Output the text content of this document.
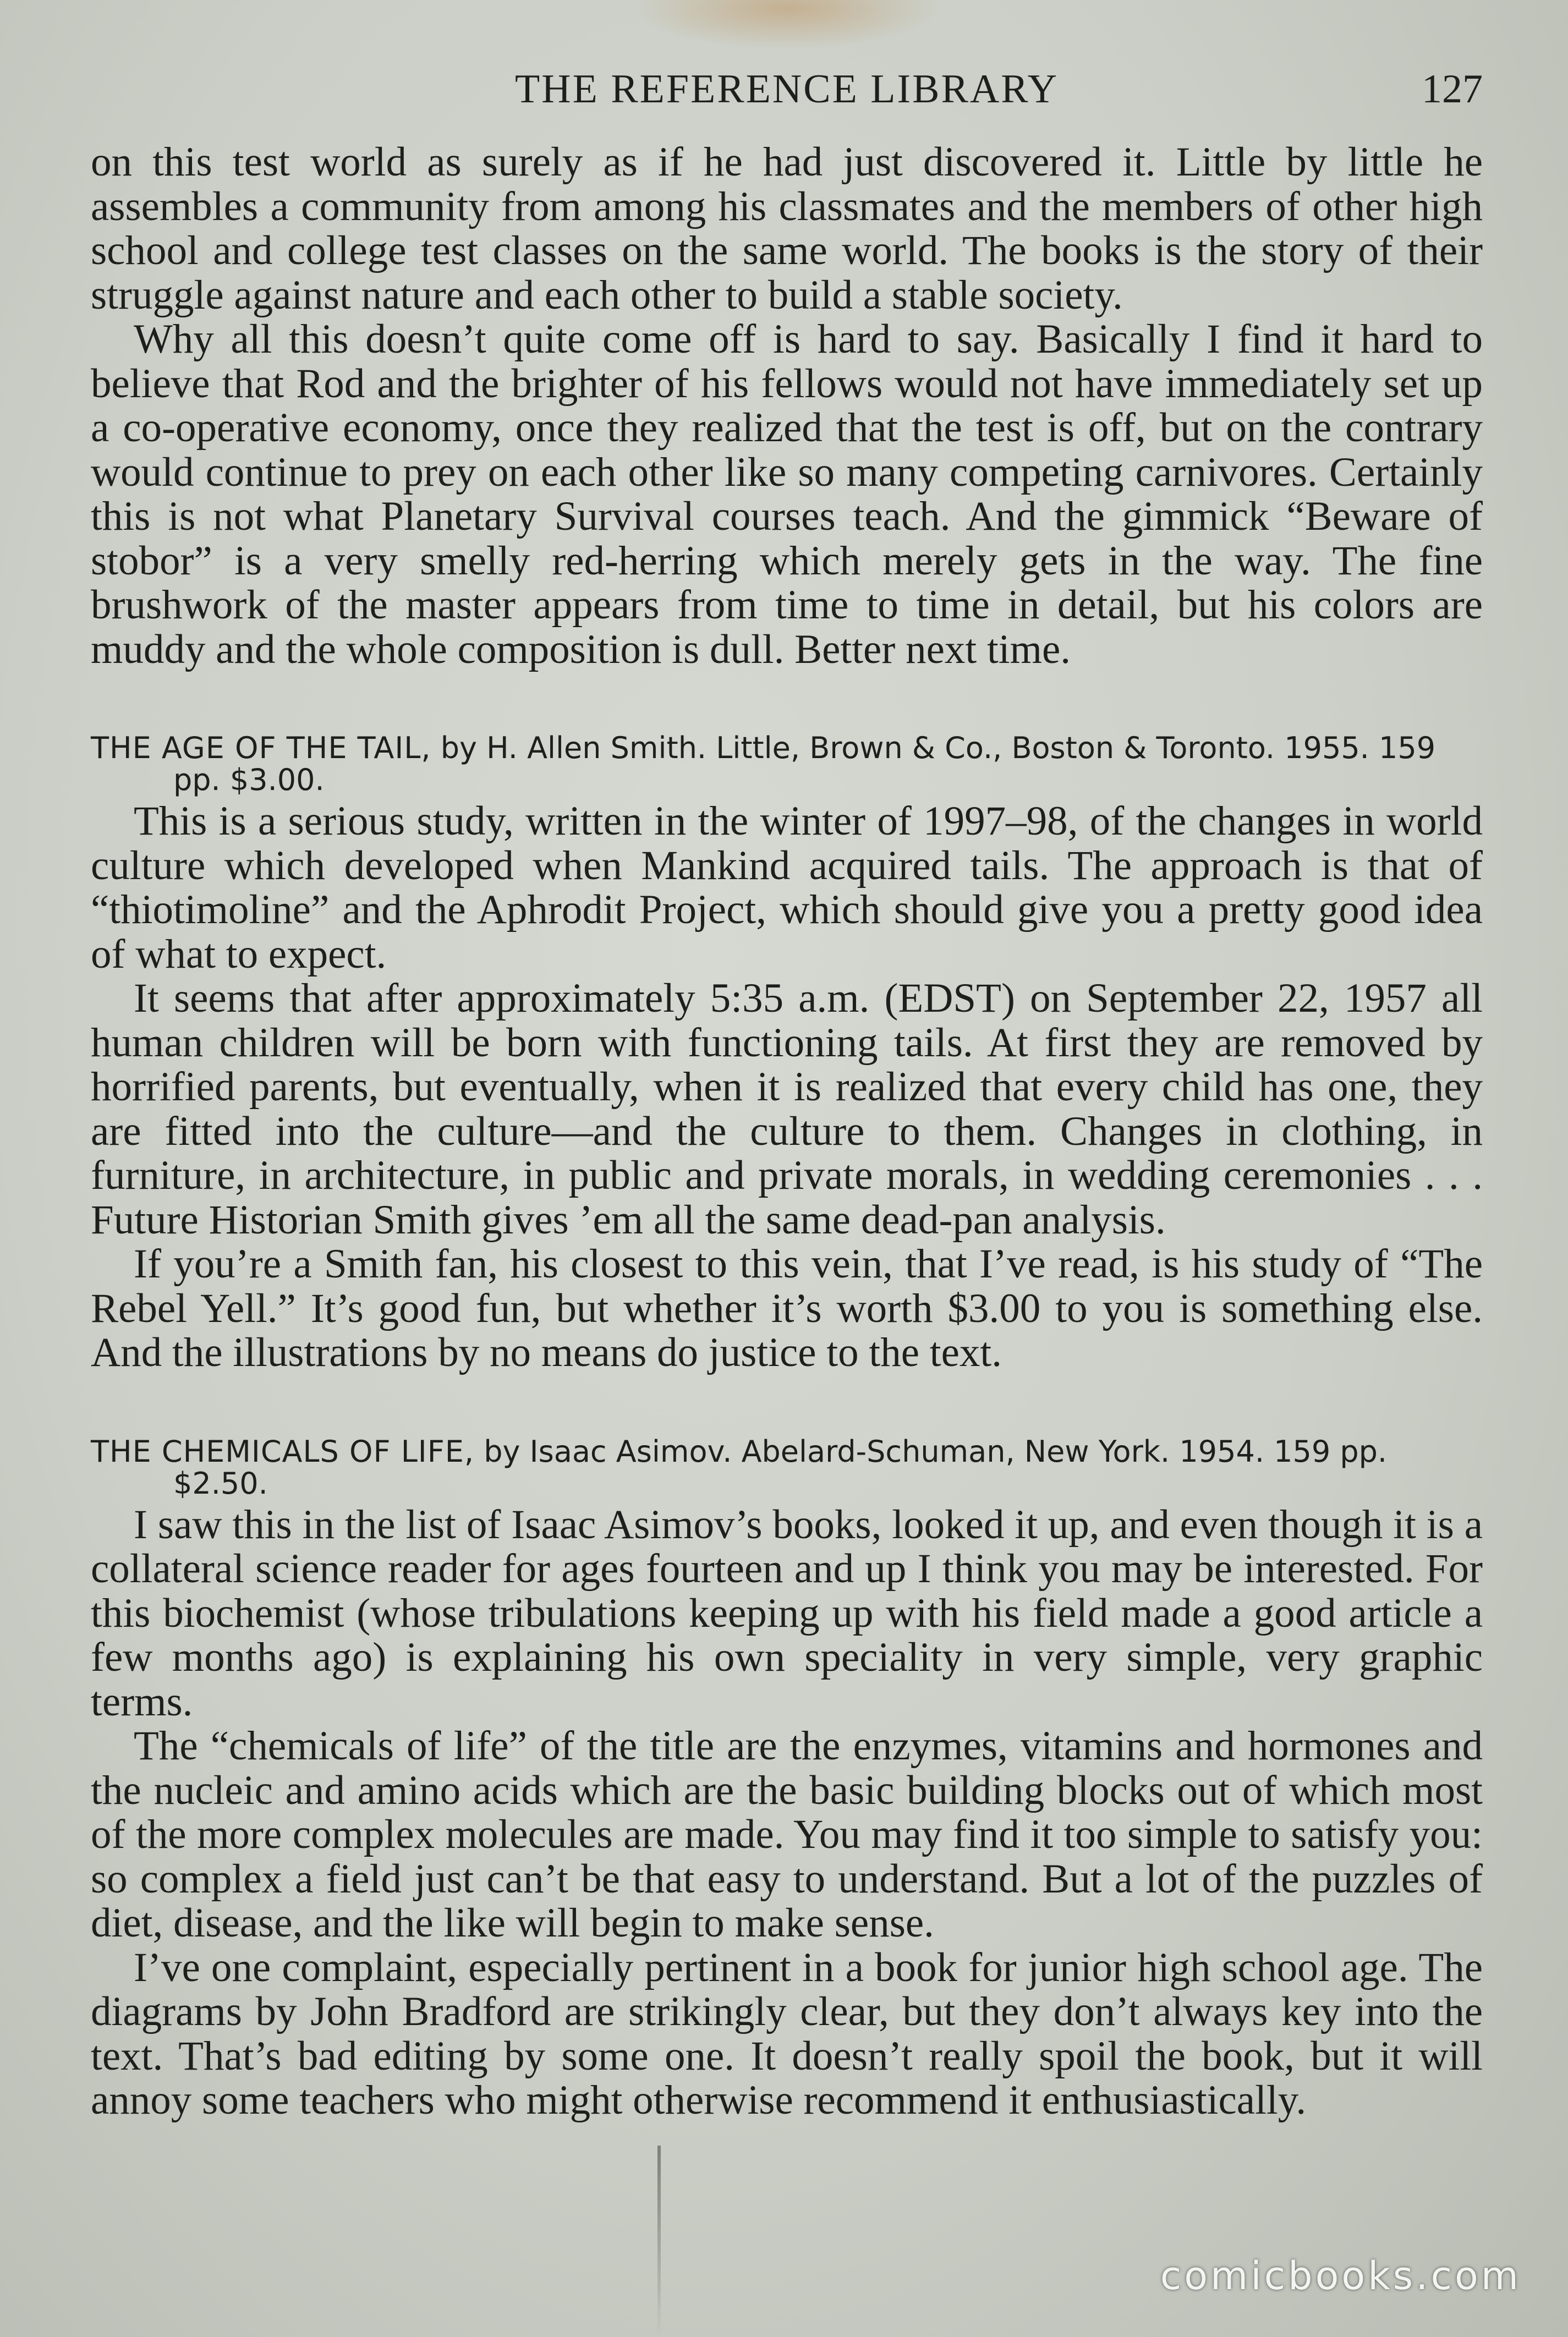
THE REFERENCE LIBRARY	127

on this test world as surely as if he had just discovered it. Little by little he assembles a community from among his classmates and the members of other high school and college test classes on the same world. The books is the story of their struggle against nature and each other to build a stable society.

Why all this doesn’t quite come off is hard to say. Basically I find it hard to believe that Rod and the brighter of his fellows would not have immediately set up a co-operative economy, once they realized that the test is off, but on the contrary would continue to prey on each other like so many competing carnivores. Certainly this is not what Planetary Survival courses teach. And the gimmick “Beware of stobor” is a very smelly red-herring which merely gets in the way. The fine brushwork of the master appears from time to time in detail, but his colors are muddy and the whole composition is dull. Better next time.

THE AGE OF THE TAIL, by H. Allen Smith. Little, Brown & Co., Boston & Toronto. 1955. 159 pp. $3.00.

This is a serious study, written in the winter of 1997–98, of the changes in world culture which developed when Mankind acquired tails. The approach is that of “thiotimoline” and the Aphrodit Project, which should give you a pretty good idea of what to expect.

It seems that after approximately 5:35 a.m. (EDST) on September 22, 1957 all human children will be born with functioning tails. At first they are removed by horrified parents, but eventually, when it is realized that every child has one, they are fitted into the culture—and the culture to them. Changes in clothing, in furniture, in architecture, in public and private morals, in wedding ceremonies . . . Future Historian Smith gives ’em all the same dead-pan analysis.

If you’re a Smith fan, his closest to this vein, that I’ve read, is his study of “The Rebel Yell.” It’s good fun, but whether it’s worth $3.00 to you is something else. And the illustrations by no means do justice to the text.

THE CHEMICALS OF LIFE, by Isaac Asimov. Abelard-Schuman, New York. 1954. 159 pp. $2.50.

I saw this in the list of Isaac Asimov’s books, looked it up, and even though it is a collateral science reader for ages fourteen and up I think you may be interested. For this biochemist (whose tribulations keeping up with his field made a good article a few months ago) is explaining his own speciality in very simple, very graphic terms.

The “chemicals of life” of the title are the enzymes, vitamins and hormones and the nucleic and amino acids which are the basic building blocks out of which most of the more complex molecules are made. You may find it too simple to satisfy you: so complex a field just can’t be that easy to understand. But a lot of the puzzles of diet, disease, and the like will begin to make sense.

I’ve one complaint, especially pertinent in a book for junior high school age. The diagrams by John Bradford are strikingly clear, but they don’t always key into the text. That’s bad editing by some one. It doesn’t really spoil the book, but it will annoy some teachers who might otherwise recommend it enthusiastically.

comicbooks.com
